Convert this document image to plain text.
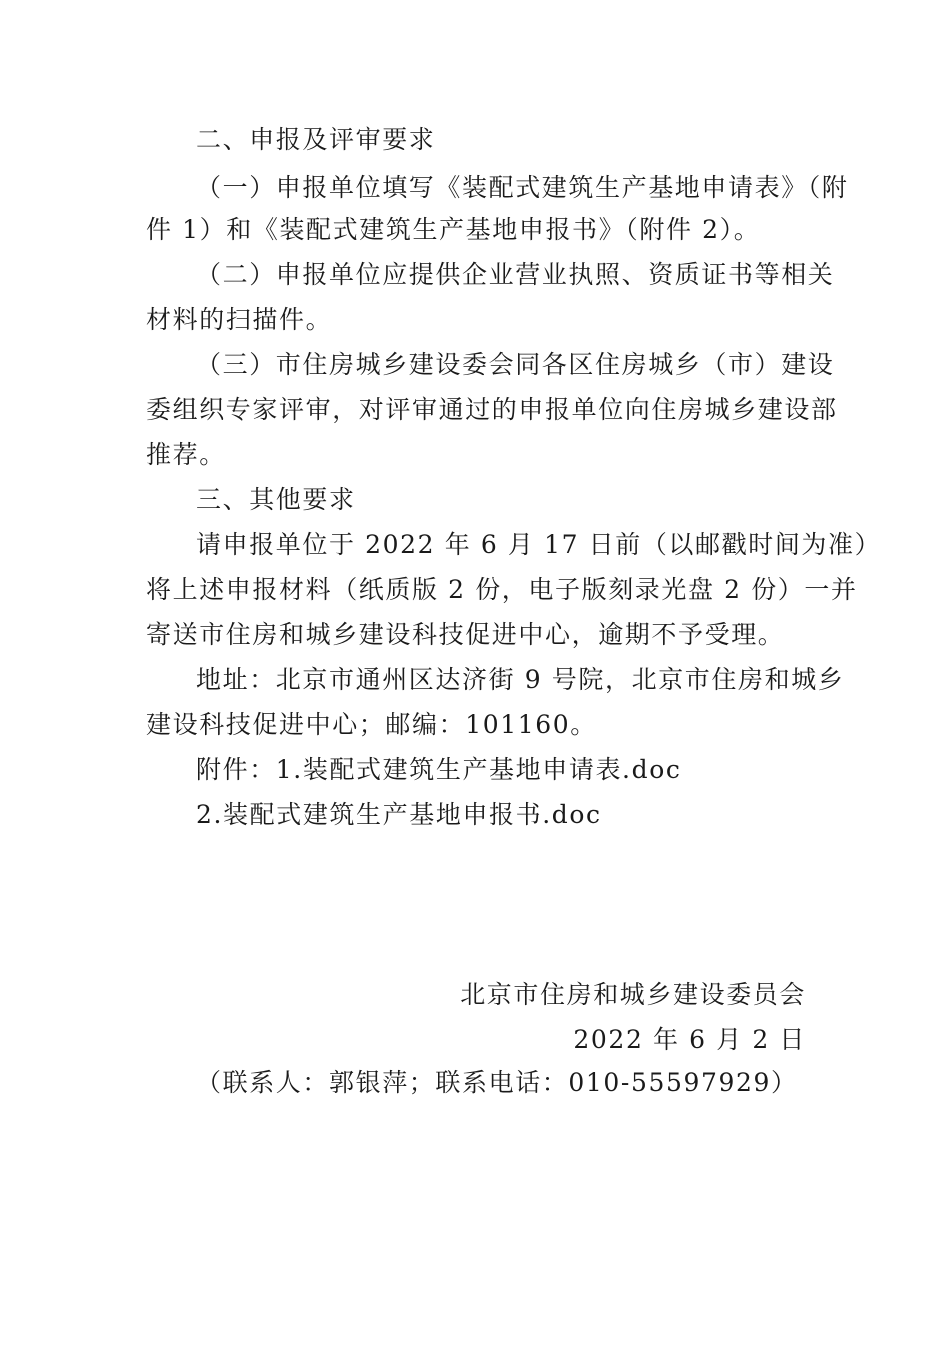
二、申报及评审要求
（一）申报单位填写《装配式建筑生产基地申请表》（附
件 1）和《装配式建筑生产基地申报书》（附件 2）。
（二）申报单位应提供企业营业执照、资质证书等相关
材料的扫描件。
（三）市住房城乡建设委会同各区住房城乡（市）建设
委组织专家评审，对评审通过的申报单位向住房城乡建设部
推荐。
三、其他要求
请申报单位于 2022 年 6 月 17 日前（以邮戳时间为准）
将上述申报材料（纸质版 2 份，电子版刻录光盘 2 份）一并
寄送市住房和城乡建设科技促进中心，逾期不予受理。
地址：北京市通州区达济街 9 号院，北京市住房和城乡
建设科技促进中心；邮编：101160。
附件：1.装配式建筑生产基地申请表.doc
2.装配式建筑生产基地申报书.doc
北京市住房和城乡建设委员会
2022 年 6 月 2 日
（联系人：郭银萍；联系电话：010-55597929）
